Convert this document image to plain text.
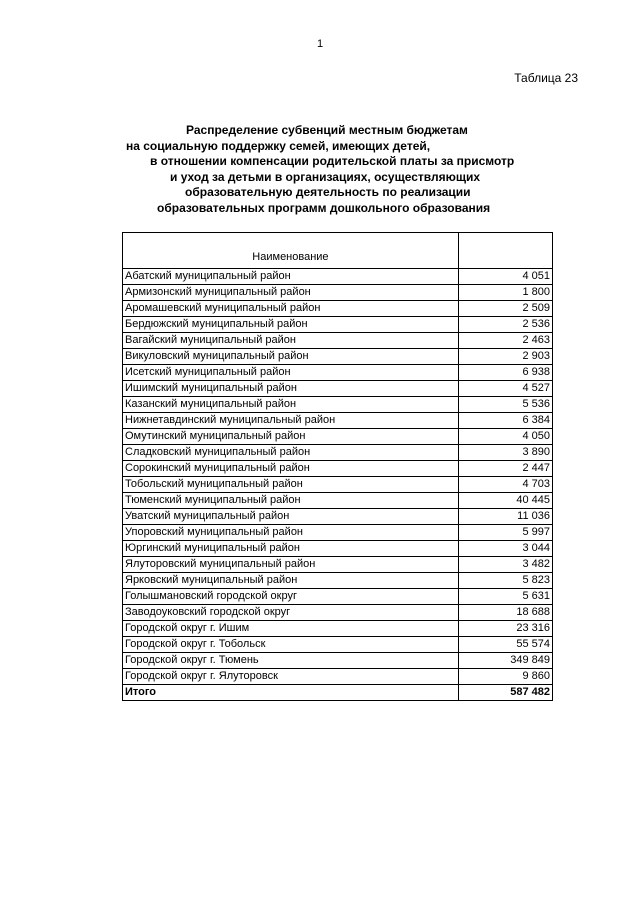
1
Таблица 23
Распределение субвенций местным бюджетам
на социальную поддержку семей, имеющих детей,
в отношении компенсации родительской платы за присмотр
и уход за детьми в организациях, осуществляющих
образовательную деятельность по реализации
образовательных программ дошкольного образования
Наименование	
Абатский муниципальный район	4 051
Армизонский муниципальный район	1 800
Аромашевский муниципальный район	2 509
Бердюжский муниципальный район	2 536
Вагайский муниципальный район	2 463
Викуловский муниципальный район	2 903
Исетский муниципальный район	6 938
Ишимский муниципальный район	4 527
Казанский муниципальный район	5 536
Нижнетавдинский муниципальный район	6 384
Омутинский муниципальный район	4 050
Сладковский муниципальный район	3 890
Сорокинский муниципальный район	2 447
Тобольский муниципальный район	4 703
Тюменский муниципальный район	40 445
Уватский муниципальный район	11 036
Упоровский муниципальный район	5 997
Юргинский муниципальный район	3 044
Ялуторовский муниципальный район	3 482
Ярковский муниципальный район	5 823
Голышмановский городской округ	5 631
Заводоуковский городской округ	18 688
Городской округ г. Ишим	23 316
Городской округ г. Тобольск	55 574
Городской округ г. Тюмень	349 849
Городской округ г. Ялуторовск	9 860
Итого	587 482
